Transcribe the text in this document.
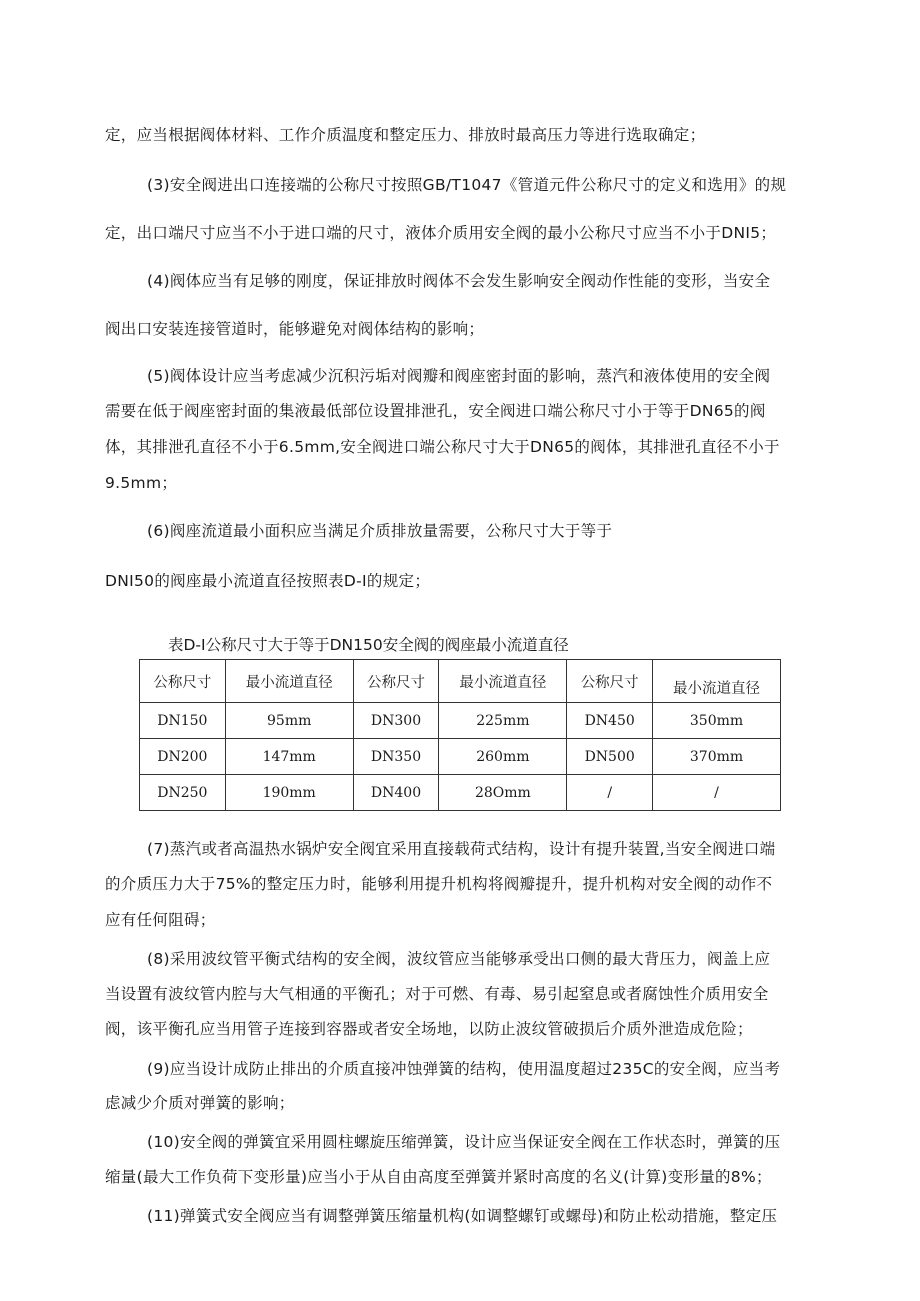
定，应当根据阀体材料、工作介质温度和整定压力、排放时最高压力等进行选取确定；
(3)安全阀进出口连接端的公称尺寸按照GB/T1047《管道元件公称尺寸的定义和选用》的规
定，出口端尺寸应当不小于进口端的尺寸，液体介质用安全阀的最小公称尺寸应当不小于DNI5；
(4)阀体应当有足够的刚度，保证排放时阀体不会发生影响安全阀动作性能的变形，当安全
阀出口安装连接管道时，能够避免对阀体结构的影响；
(5)阀体设计应当考虑减少沉积污垢对阀瓣和阀座密封面的影响，蒸汽和液体使用的安全阀
需要在低于阀座密封面的集液最低部位设置排泄孔，安全阀进口端公称尺寸小于等于DN65的阀
体，其排泄孔直径不小于6.5mm,安全阀进口端公称尺寸大于DN65的阀体，其排泄孔直径不小于
9.5mm；
(6)阀座流道最小面积应当满足介质排放量需要，公称尺寸大于等于
DNI50的阀座最小流道直径按照表D-I的规定；
表D-I公称尺寸大于等于DN150安全阀的阀座最小流道直径
公称尺寸	最小流道直径	公称尺寸	最小流道直径	公称尺寸	最小流道直径
DN150	95mm	DN300	225mm	DN450	350mm
DN200	147mm	DN350	260mm	DN500	370mm
DN250	190mm	DN400	28Omm	/	/
(7)蒸汽或者高温热水锅炉安全阀宜采用直接载荷式结构，设计有提升装置,当安全阀进口端
的介质压力大于75%的整定压力时，能够利用提升机构将阀瓣提升，提升机构对安全阀的动作不
应有任何阻碍；
(8)采用波纹管平衡式结构的安全阀，波纹管应当能够承受出口侧的最大背压力，阀盖上应
当设置有波纹管内腔与大气相通的平衡孔；对于可燃、有毒、易引起窒息或者腐蚀性介质用安全
阀，该平衡孔应当用管子连接到容器或者安全场地，以防止波纹管破损后介质外泄造成危险；
(9)应当设计成防止排出的介质直接冲蚀弹簧的结构，使用温度超过235C的安全阀，应当考
虑减少介质对弹簧的影响；
(10)安全阀的弹簧宜采用圆柱螺旋压缩弹簧，设计应当保证安全阀在工作状态时，弹簧的压
缩量(最大工作负荷下变形量)应当小于从自由高度至弹簧并紧时高度的名义(计算)变形量的8%；
(11)弹簧式安全阀应当有调整弹簧压缩量机构(如调整螺钉或螺母)和防止松动措施，整定压
